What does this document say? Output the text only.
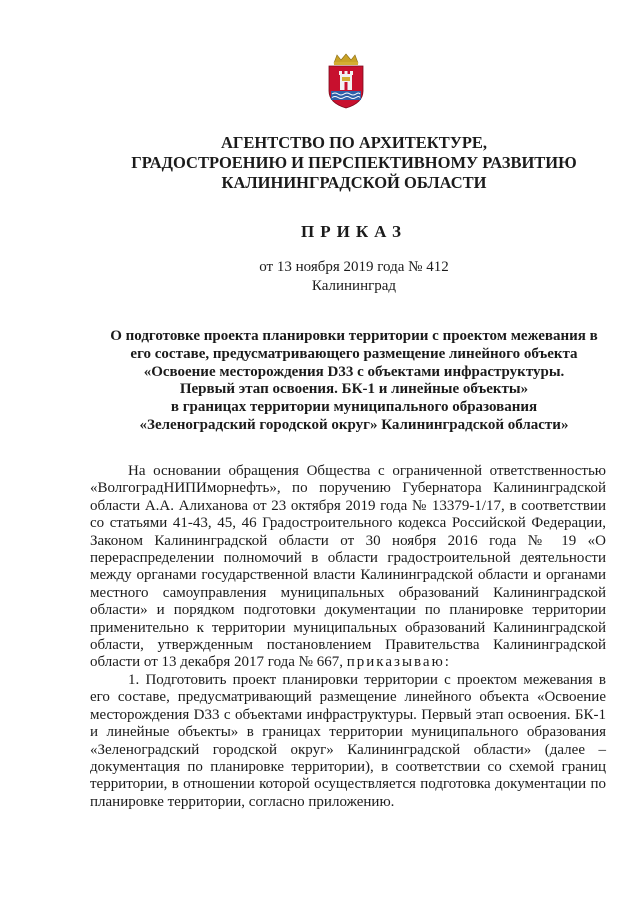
АГЕНТСТВО ПО АРХИТЕКТУРЕ,
ГРАДОСТРОЕНИЮ И ПЕРСПЕКТИВНОМУ РАЗВИТИЮ
КАЛИНИНГРАДСКОЙ ОБЛАСТИ
ПРИКАЗ
от 13 ноября 2019 года № 412
Калининград
О подготовке проекта планировки территории с проектом межевания в
его составе, предусматривающего размещение линейного объекта
«Освоение месторождения D33 с объектами инфраструктуры.
Первый этап освоения. БК-1 и линейные объекты»
в границах территории муниципального образования
«Зеленоградский городской округ» Калининградской области»

На основании обращения Общества с ограниченной ответственностью «ВолгоградНИПИморнефть», по поручению Губернатора Калининградской области А.А. Алиханова от 23 октября 2019 года № 13379-1/17, в соответствии со статьями 41-43, 45, 46 Градостроительного кодекса Российской Федерации, Законом Калининградской области от 30 ноября 2016 года № 19 «О перераспределении полномочий в области градостроительной деятельности между органами государственной власти Калининградской области и органами местного самоуправления муниципальных образований Калининградской области» и порядком подготовки документации по планировке территории применительно к территории муниципальных образований Калининградской области, утвержденным постановлением Правительства Калининградской области от 13 декабря 2017 года № 667, приказываю:

1. Подготовить проект планировки территории с проектом межевания в его составе, предусматривающий размещение линейного объекта «Освоение месторождения D33 с объектами инфраструктуры. Первый этап освоения. БК-1 и линейные объекты» в границах территории муниципального образования «Зеленоградский городской округ» Калининградской области» (далее – документация по планировке территории), в соответствии со схемой границ территории, в отношении которой осуществляется подготовка документации по планировке территории, согласно приложению.
